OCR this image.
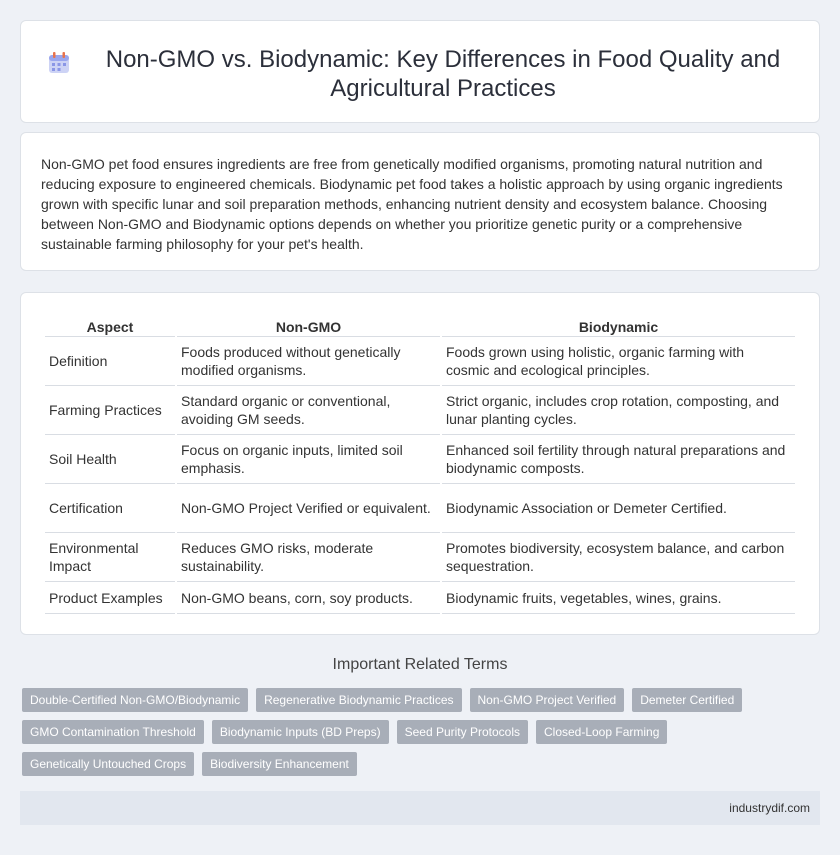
Non-GMO vs. Biodynamic: Key Differences in Food Quality and Agricultural Practices

Non-GMO pet food ensures ingredients are free from genetically modified organisms, promoting natural nutrition and reducing exposure to engineered chemicals. Biodynamic pet food takes a holistic approach by using organic ingredients grown with specific lunar and soil preparation methods, enhancing nutrient density and ecosystem balance. Choosing between Non-GMO and Biodynamic options depends on whether you prioritize genetic purity or a comprehensive sustainable farming philosophy for your pet's health.

Aspect	Non-GMO	Biodynamic
Definition	Foods produced without genetically modified organisms.	Foods grown using holistic, organic farming with cosmic and ecological principles.
Farming Practices	Standard organic or conventional, avoiding GM seeds.	Strict organic, includes crop rotation, composting, and lunar planting cycles.
Soil Health	Focus on organic inputs, limited soil emphasis.	Enhanced soil fertility through natural preparations and biodynamic composts.
Certification	Non-GMO Project Verified or equivalent.	Biodynamic Association or Demeter Certified.
Environmental Impact	Reduces GMO risks, moderate sustainability.	Promotes biodiversity, ecosystem balance, and carbon sequestration.
Product Examples	Non-GMO beans, corn, soy products.	Biodynamic fruits, vegetables, wines, grains.
Important Related Terms
Double-Certified Non-GMO/Biodynamic	Regenerative Biodynamic Practices	Non-GMO Project Verified	Demeter Certified
GMO Contamination Threshold	Biodynamic Inputs (BD Preps)	Seed Purity Protocols	Closed-Loop Farming
Genetically Untouched Crops	Biodiversity Enhancement
industrydif.com
